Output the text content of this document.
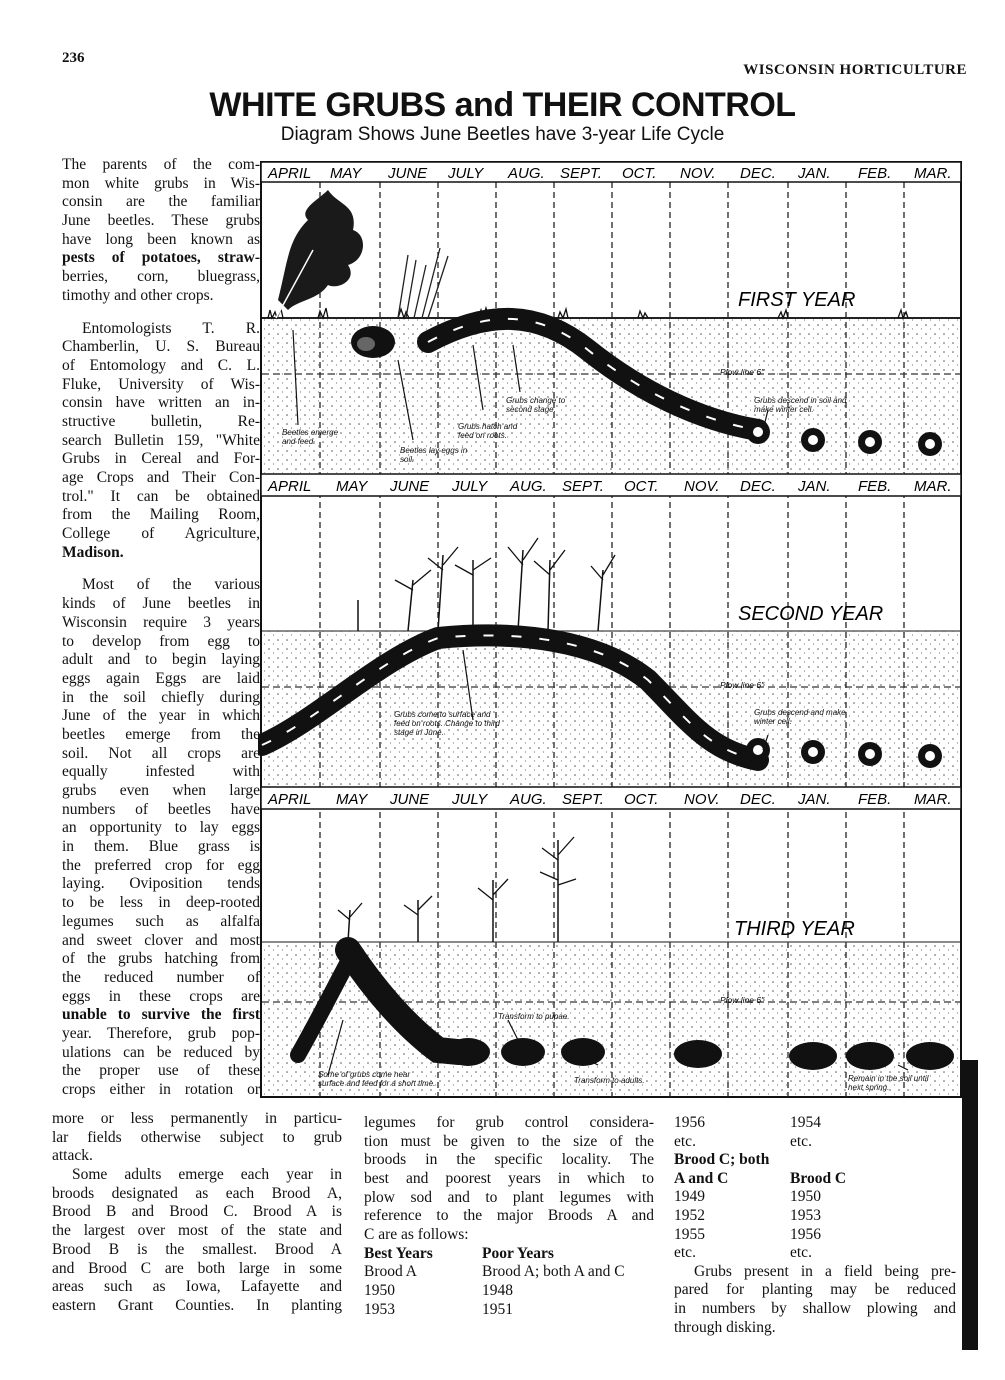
236
WISCONSIN HORTICULTURE
WHITE GRUBS and THEIR CONTROL
Diagram Shows June Beetles have 3-year Life Cycle
The parents of the com-
mon white grubs in Wis-
consin are the familiar
June beetles. These grubs
have long been known as
pests of potatoes, straw-
berries, corn, bluegrass,
timothy and other crops.
Entomologists T. R.
Chamberlin, U. S. Bureau
of Entomology and C. L.
Fluke, University of Wis-
consin have written an in-
structive bulletin, Re-
search Bulletin 159, "White
Grubs in Cereal and For-
age Crops and Their Con-
trol." It can be obtained
from the Mailing Room,
College of Agriculture,
Madison.
Most of the various
kinds of June beetles in
Wisconsin require 3 years
to develop from egg to
adult and to begin laying
eggs again Eggs are laid
in the soil chiefly during
June of the year in which
beetles emerge from the
soil. Not all crops are
equally infested with
grubs even when large
numbers of beetles have
an opportunity to lay eggs
in them. Blue grass is
the preferred crop for egg
laying. Oviposition tends
to be less in deep-rooted
legumes such as alfalfa
and sweet clover and most
of the grubs hatching from
the reduced number of
eggs in these crops are
unable to survive the first
year. Therefore, grub pop-
ulations can be reduced by
the proper use of these
crops either in rotation or
APRIL MAY JUNE JULY AUG. SEPT. OCT. NOV. DEC. JAN. FEB. MAR.
APRIL MAY JUNE JULY AUG. SEPT. OCT. NOV. DEC. JAN. FEB. MAR.
APRIL MAY JUNE JULY AUG. SEPT. OCT. NOV. DEC. JAN. FEB. MAR.
Plow line 6"
FIRST YEAR
Beetles emerge and feed.
Beetles lay eggs in soil.
Grubs hatch and feed on roots.
Grubs change to second stage.
Grubs descend in soil and make winter cell.
Plow line 6"
SECOND YEAR
Grubs come to surface and feed on roots. Change to third stage in June.
Grubs descend and make winter cell.
Plow line 6"
THIRD YEAR
Transform to pupae.
Some of grubs come near surface and feed for a short time.	Transform to adults.	Remain in the soil until next spring.
more or less permanently in particu-
lar fields otherwise subject to grub
attack.
Some adults emerge each year in
broods designated as each Brood A,
Brood B and Brood C. Brood A is
the largest over most of the state and
Brood B is the smallest. Brood A
and Brood C are both large in some
areas such as Iowa, Lafayette and
eastern Grant Counties. In planting
legumes for grub control considera-
tion must be given to the size of the
broods in the specific locality. The
best and poorest years in which to
plow sod and to plant legumes with
reference to the major Broods A and
C are as follows:
Best Years	Poor Years
Brood A	Brood A; both A and C
1950	1948
1953	1951
1956	1954
etc.	etc.
Brood C; both
A and C	Brood C
1949	1950
1952	1953
1955	1956
etc.	etc.
Grubs present in a field being pre-
pared for planting may be reduced
in numbers by shallow plowing and
through disking.
